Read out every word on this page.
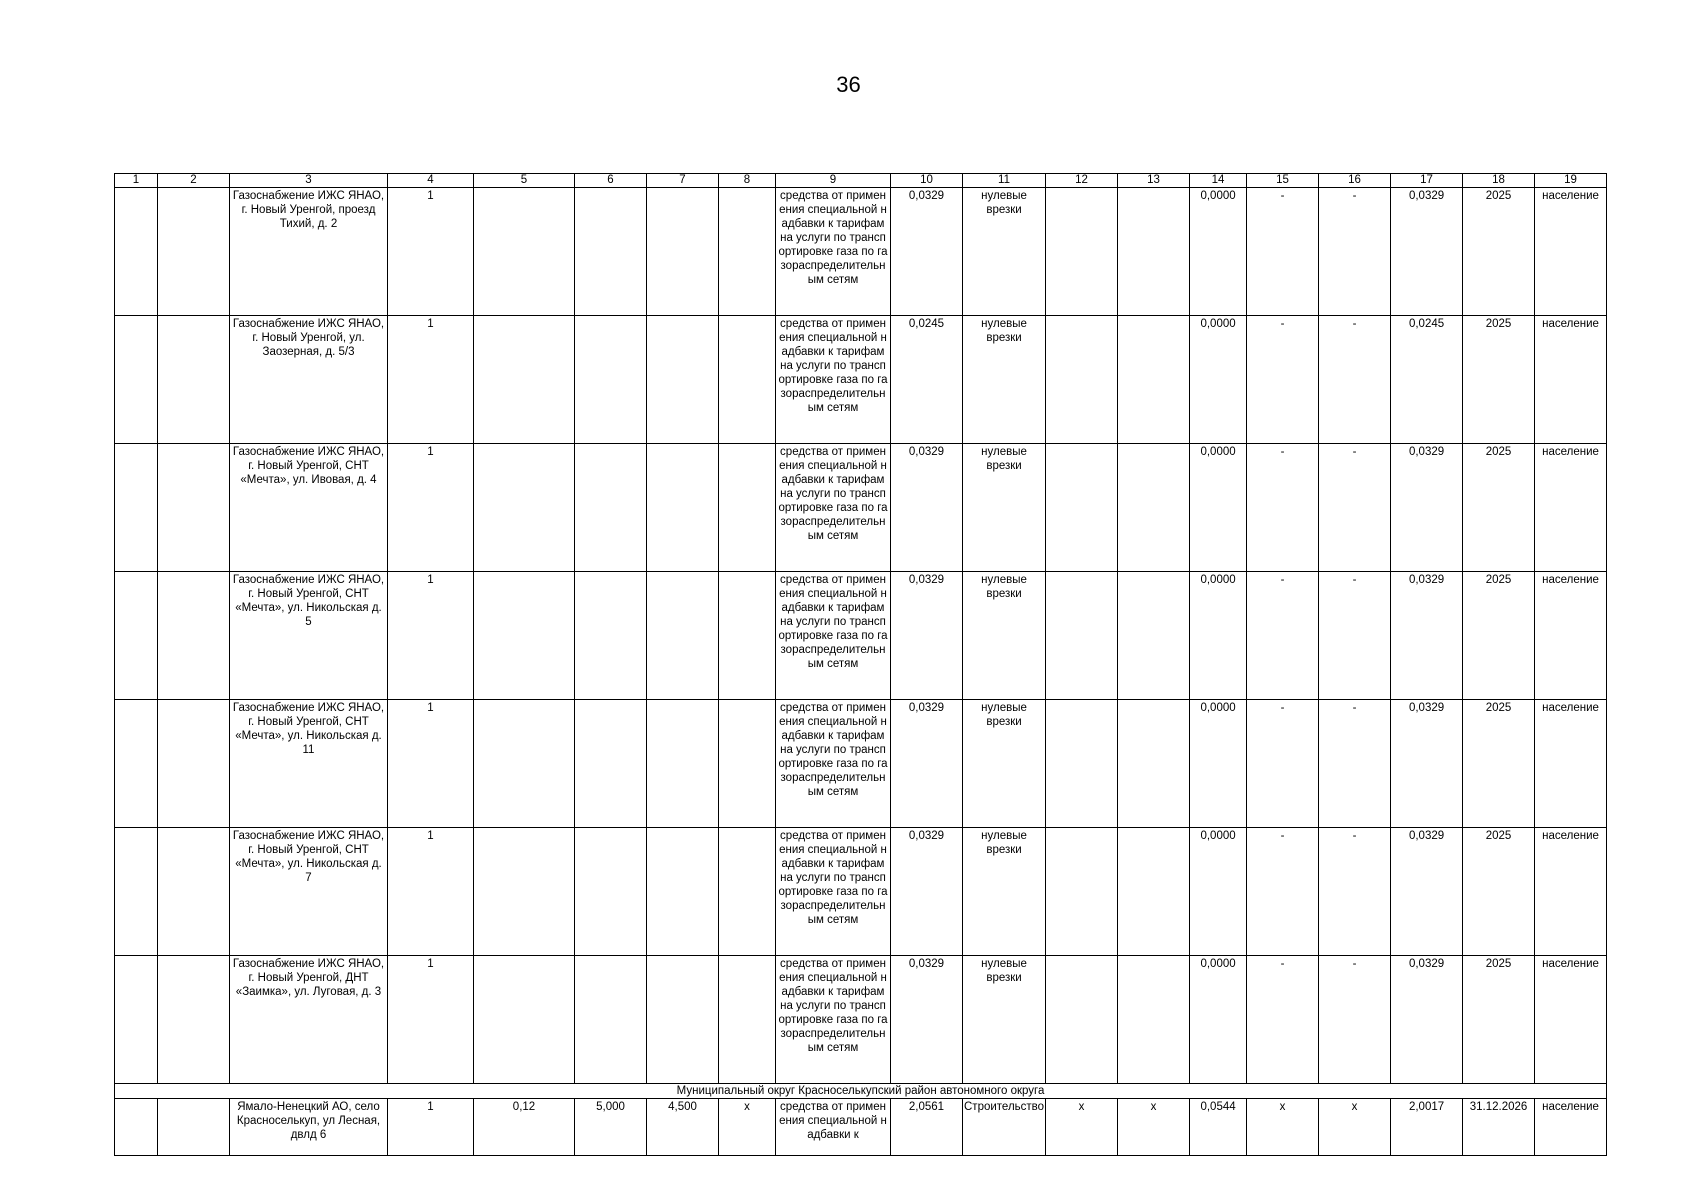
36
1	2	3	4	5	6	7	8	9	10	11	12	13	14	15	16	17	18	19
		Газоснабжение ИЖС ЯНАО, г. Новый Уренгой, проезд Тихий, д. 2	1					средства от применения специальной надбавки к тарифам на услуги по транспортировке газа по газораспределительным сетям	0,0329	нулевые врезки			0,0000	-	-	0,0329	2025	население
		Газоснабжение ИЖС ЯНАО, г. Новый Уренгой, ул. Заозерная, д. 5/3	1					средства от применения специальной надбавки к тарифам на услуги по транспортировке газа по газораспределительным сетям	0,0245	нулевые врезки			0,0000	-	-	0,0245	2025	население
		Газоснабжение ИЖС ЯНАО, г. Новый Уренгой, СНТ «Мечта», ул. Ивовая, д. 4	1					средства от применения специальной надбавки к тарифам на услуги по транспортировке газа по газораспределительным сетям	0,0329	нулевые врезки			0,0000	-	-	0,0329	2025	население
		Газоснабжение ИЖС ЯНАО, г. Новый Уренгой, СНТ «Мечта», ул. Никольская д. 5	1					средства от применения специальной надбавки к тарифам на услуги по транспортировке газа по газораспределительным сетям	0,0329	нулевые врезки			0,0000	-	-	0,0329	2025	население
		Газоснабжение ИЖС ЯНАО, г. Новый Уренгой, СНТ «Мечта», ул. Никольская д. 11	1					средства от применения специальной надбавки к тарифам на услуги по транспортировке газа по газораспределительным сетям	0,0329	нулевые врезки			0,0000	-	-	0,0329	2025	население
		Газоснабжение ИЖС ЯНАО, г. Новый Уренгой, СНТ «Мечта», ул. Никольская д. 7	1					средства от применения специальной надбавки к тарифам на услуги по транспортировке газа по газораспределительным сетям	0,0329	нулевые врезки			0,0000	-	-	0,0329	2025	население
		Газоснабжение ИЖС ЯНАО, г. Новый Уренгой, ДНТ «Заимка», ул. Луговая, д. 3	1					средства от применения специальной надбавки к тарифам на услуги по транспортировке газа по газораспределительным сетям	0,0329	нулевые врезки			0,0000	-	-	0,0329	2025	население
Муниципальный округ Красноселькупский район автономного округа																		
		Ямало-Ненецкий АО, село Красноселькуп, ул Лесная, двлд 6	1	0,12	5,000	4,500	х	средства от применения специальной надбавки к	2,0561	Строительство	х	х	0,0544	х	х	2,0017	31.12.2026	население
